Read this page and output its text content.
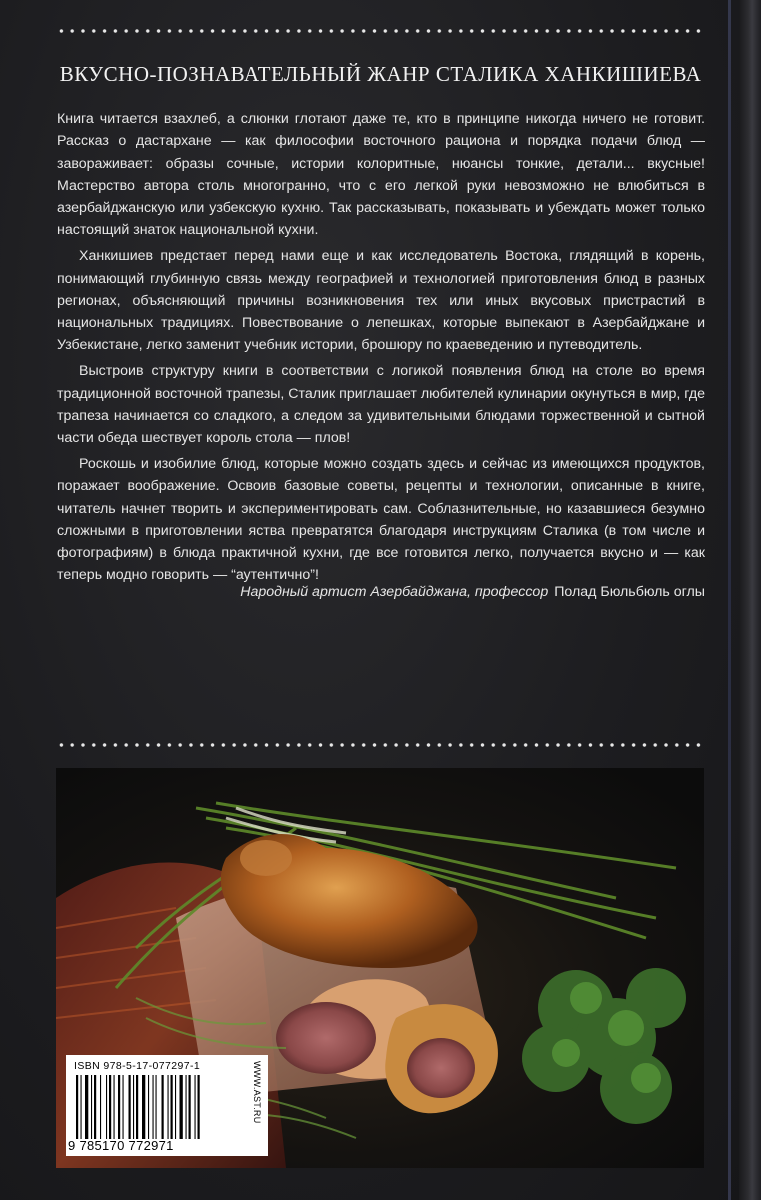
ВКУСНО-ПОЗНАВАТЕЛЬНЫЙ ЖАНР СТАЛИКА ХАНКИШИЕВА

Книга читается взахлеб, а слюнки глотают даже те, кто в принципе никогда ничего не готовит. Рассказ о дастархане — как философии восточного рациона и порядка подачи блюд — завораживает: образы сочные, истории колоритные, нюансы тонкие, детали... вкусные! Мастерство автора столь многогранно, что с его легкой руки невозможно не влюбиться в азербайджанскую или узбекскую кухню. Так рассказывать, показывать и убеждать может только настоящий знаток национальной кухни.

Ханкишиев предстает перед нами еще и как исследователь Востока, глядящий в корень, понимающий глубинную связь между географией и технологией приготовления блюд в разных регионах, объясняющий причины возникновения тех или иных вкусовых пристрастий в национальных традициях. Повествование о лепешках, которые выпекают в Азербайджане и Узбекистане, легко заменит учебник истории, брошюру по краеведению и путеводитель.

Выстроив структуру книги в соответствии с логикой появления блюд на столе во время традиционной восточной трапезы, Сталик приглашает любителей кулинарии окунуться в мир, где трапеза начинается со сладкого, а следом за удивительными блюдами торжественной и сытной части обеда шествует король стола — плов!

Роскошь и изобилие блюд, которые можно создать здесь и сейчас из имеющихся продуктов, поражает воображение. Освоив базовые советы, рецепты и технологии, описанные в книге, читатель начнет творить и экспериментировать сам. Соблазнительные, но казавшиеся безумно сложными в приготовлении яства превратятся благодаря инструкциям Сталика (в том числе и фотографиям) в блюда практичной кухни, где все готовится легко, получается вкусно и — как теперь модно говорить — “аутентично”!

Народный артист Азербайджана, профессор Полад Бюльбюль оглы
ISBN 978-5-17-077297-1
9 785170 772971
WWW.AST.RU
